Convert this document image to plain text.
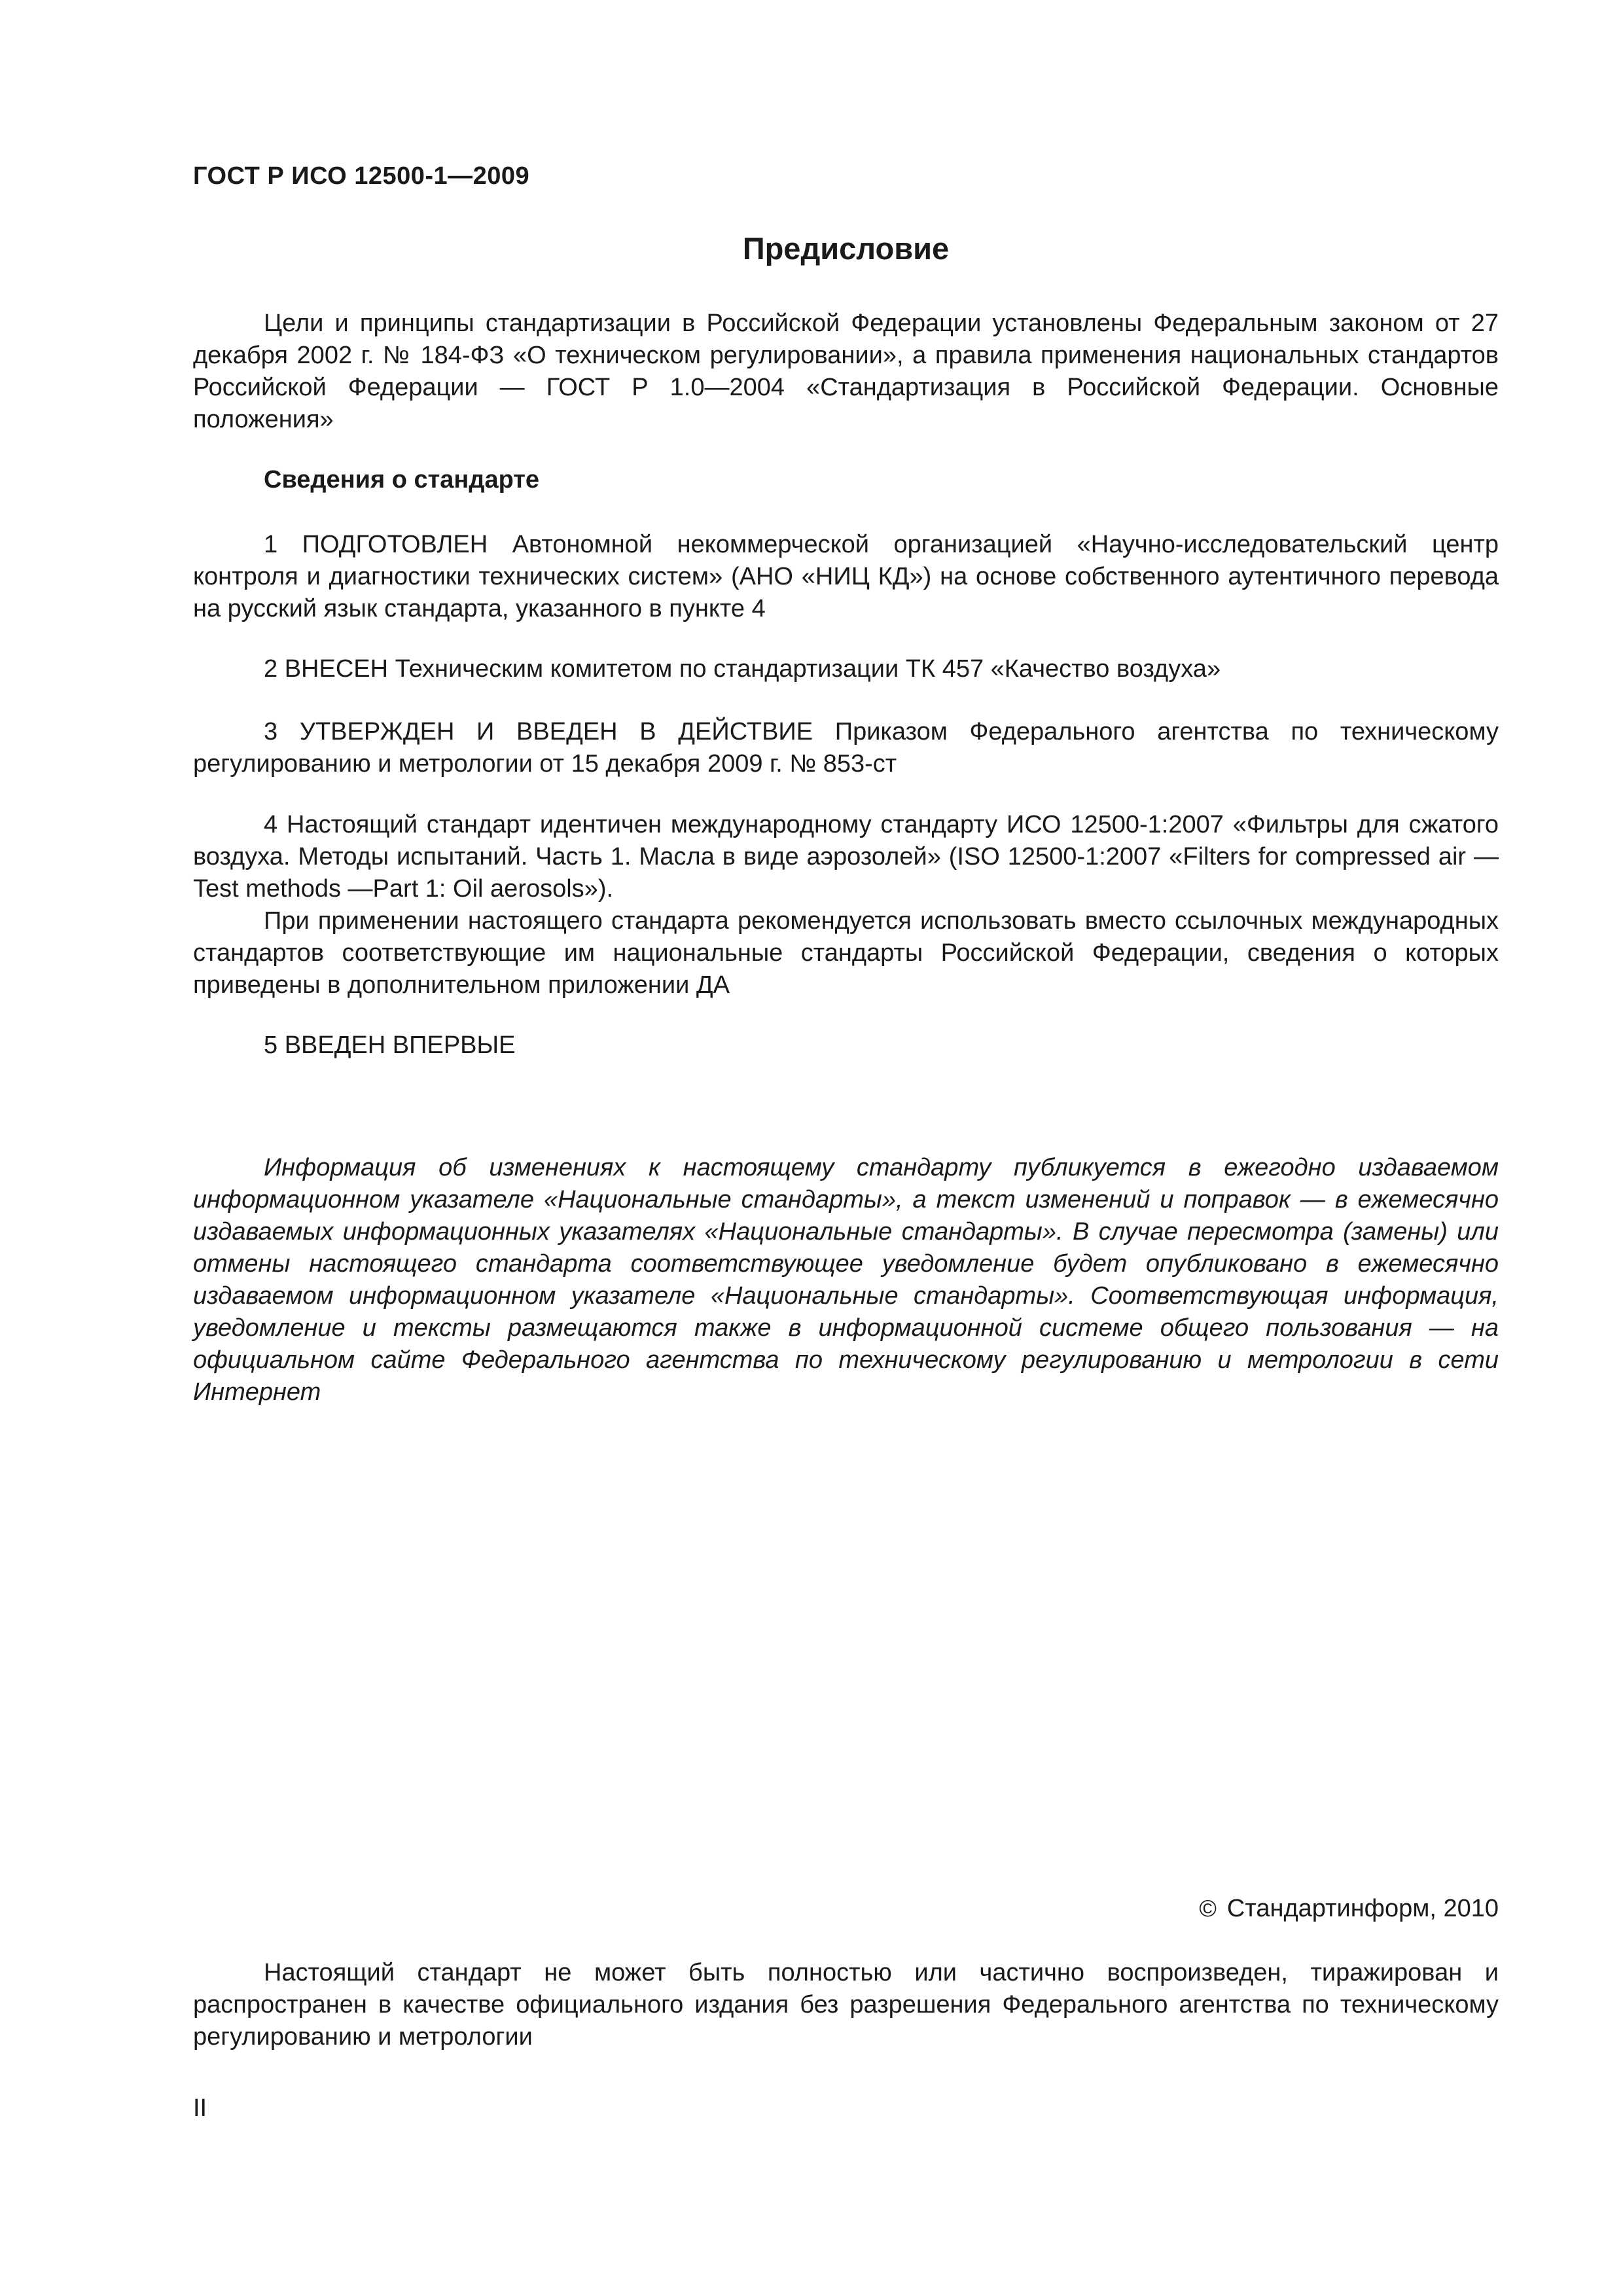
ГОСТ Р ИСО 12500-1—2009
Предисловие
Цели и принципы стандартизации в Российской Федерации установлены Федеральным законом от 27 декабря 2002 г. № 184-ФЗ «О техническом регулировании», а правила применения национальных стандартов Российской Федерации — ГОСТ Р 1.0—2004 «Стандартизация в Российской Федерации. Основные положения»
Сведения о стандарте
1 ПОДГОТОВЛЕН Автономной некоммерческой организацией «Научно-исследовательский центр контроля и диагностики технических систем» (АНО «НИЦ КД») на основе собственного аутентичного перевода на русский язык стандарта, указанного в пункте 4
2 ВНЕСЕН Техническим комитетом по стандартизации ТК 457 «Качество воздуха»
3 УТВЕРЖДЕН И ВВЕДЕН В ДЕЙСТВИЕ Приказом Федерального агентства по техническому регулированию и метрологии от 15 декабря 2009 г. № 853-ст
4 Настоящий стандарт идентичен международному стандарту ИСО 12500-1:2007 «Фильтры для сжатого воздуха. Методы испытаний. Часть 1. Масла в виде аэрозолей» (ISO 12500-1:2007 «Filters for compressed air — Test methods —Part 1: Oil aerosols»).
При применении настоящего стандарта рекомендуется использовать вместо ссылочных международных стандартов соответствующие им национальные стандарты Российской Федерации, сведения о которых приведены в дополнительном приложении ДА
5 ВВЕДЕН ВПЕРВЫЕ
Информация об изменениях к настоящему стандарту публикуется в ежегодно издаваемом информационном указателе «Национальные стандарты», а текст изменений и поправок — в ежемесячно издаваемых информационных указателях «Национальные стандарты». В случае пересмотра (замены) или отмены настоящего стандарта соответствующее уведомление будет опубликовано в ежемесячно издаваемом информационном указателе «Национальные стандарты». Соответствующая информация, уведомление и тексты размещаются также в информационной системе общего пользования — на официальном сайте Федерального агентства по техническому регулированию и метрологии в сети Интернет
© Стандартинформ, 2010
Настоящий стандарт не может быть полностью или частично воспроизведен, тиражирован и распространен в качестве официального издания без разрешения Федерального агентства по техническому регулированию и метрологии
II
